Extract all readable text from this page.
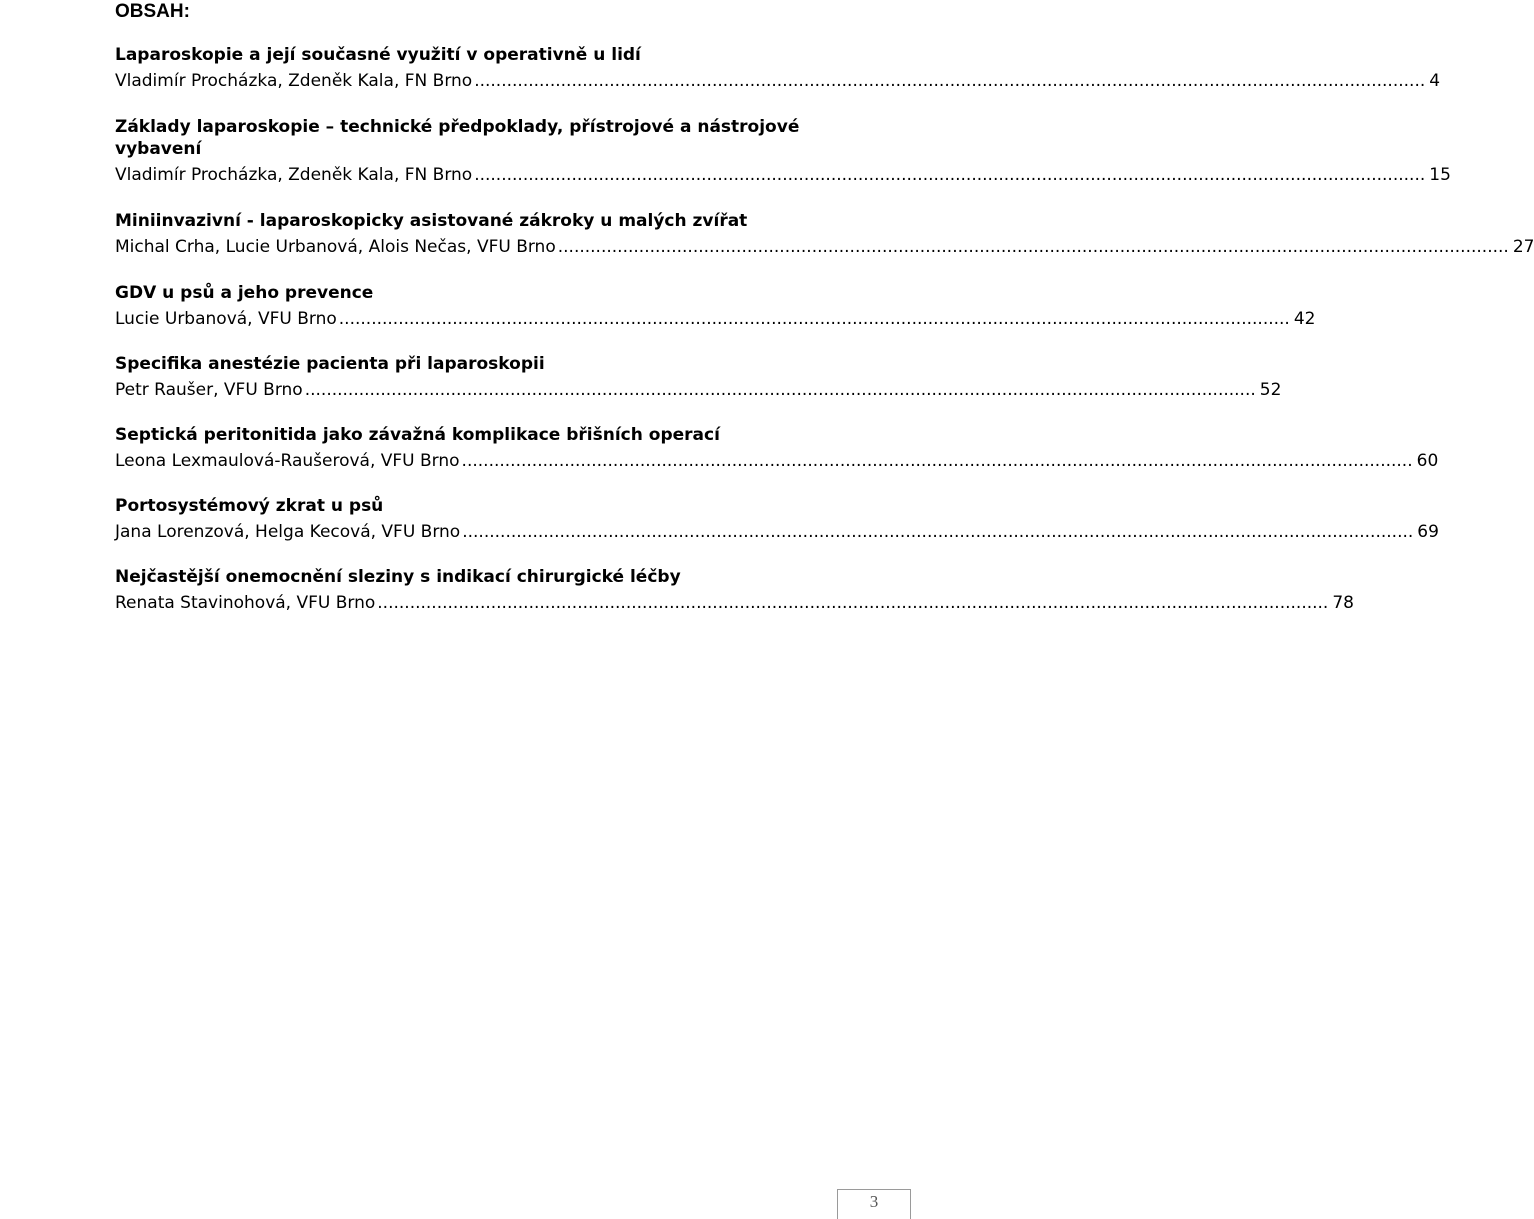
OBSAH:
Laparoskopie a její současné využití v operativně u lidí
Vladimír Procházka, Zdeněk Kala, FN Brno ................................................................................................................................................................................ 4
Základy laparoskopie – technické předpoklady, přístrojové a nástrojové vybavení
Vladimír Procházka, Zdeněk Kala, FN Brno ................................................................................................................................................................................ 15
Miniinvazivní - laparoskopicky asistované zákroky u malých zvířat
Michal Crha, Lucie Urbanová, Alois Nečas, VFU Brno ................................................................................................................................................................................ 27
GDV u psů a jeho prevence
Lucie Urbanová, VFU Brno ................................................................................................................................................................................ 42
Specifika anestézie pacienta při laparoskopii
Petr Raušer, VFU Brno ................................................................................................................................................................................ 52
Septická peritonitida jako závažná komplikace břišních operací
Leona Lexmaulová-Raušerová, VFU Brno ................................................................................................................................................................................ 60
Portosystémový zkrat u psů
Jana Lorenzová, Helga Kecová, VFU Brno ................................................................................................................................................................................ 69
Nejčastější onemocnění sleziny s indikací chirurgické léčby
Renata Stavinohová, VFU Brno ................................................................................................................................................................................ 78
3
